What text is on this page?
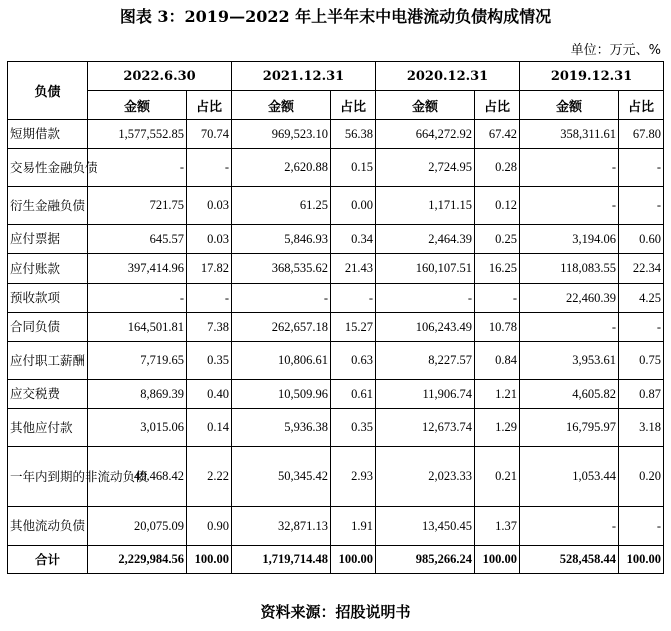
图表 3：2019—2022 年上半年末中电港流动负债构成情况
单位：万元、%
负债	2022.6.30		2021.12.31		2020.12.31		2019.12.31	
	金额	占比	金额	占比	金额	占比	金额	占比
短期借款	1,577,552.85	70.74	969,523.10	56.38	664,272.92	67.42	358,311.61	67.80
交易性金融负债	-	-	2,620.88	0.15	2,724.95	0.28	-	-
衍生金融负债	721.75	0.03	61.25	0.00	1,171.15	0.12	-	-
应付票据	645.57	0.03	5,846.93	0.34	2,464.39	0.25	3,194.06	0.60
应付账款	397,414.96	17.82	368,535.62	21.43	160,107.51	16.25	118,083.55	22.34
预收款项	-	-	-	-	-	-	22,460.39	4.25
合同负债	164,501.81	7.38	262,657.18	15.27	106,243.49	10.78	-	-
应付职工薪酬	7,719.65	0.35	10,806.61	0.63	8,227.57	0.84	3,953.61	0.75
应交税费	8,869.39	0.40	10,509.96	0.61	11,906.74	1.21	4,605.82	0.87
其他应付款	3,015.06	0.14	5,936.38	0.35	12,673.74	1.29	16,795.97	3.18
一年内到期的非流动负债	49,468.42	2.22	50,345.42	2.93	2,023.33	0.21	1,053.44	0.20
其他流动负债	20,075.09	0.90	32,871.13	1.91	13,450.45	1.37	-	-
合计	2,229,984.56	100.00	1,719,714.48	100.00	985,266.24	100.00	528,458.44	100.00
资料来源：招股说明书
